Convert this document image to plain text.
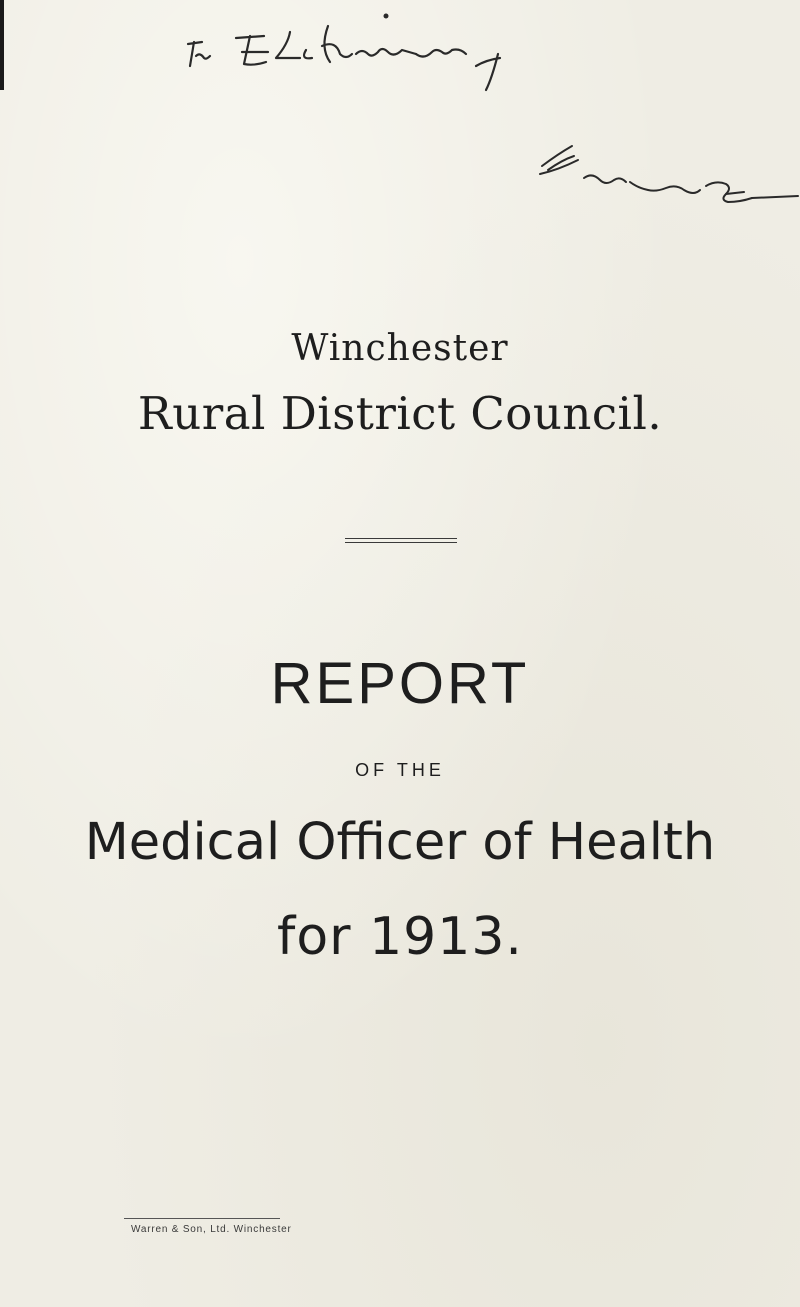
Winchester
Rural District Council.
REPORT
OF THE
Medical Officer of Health
for 1913.
Warren & Son, Ltd. Winchester
